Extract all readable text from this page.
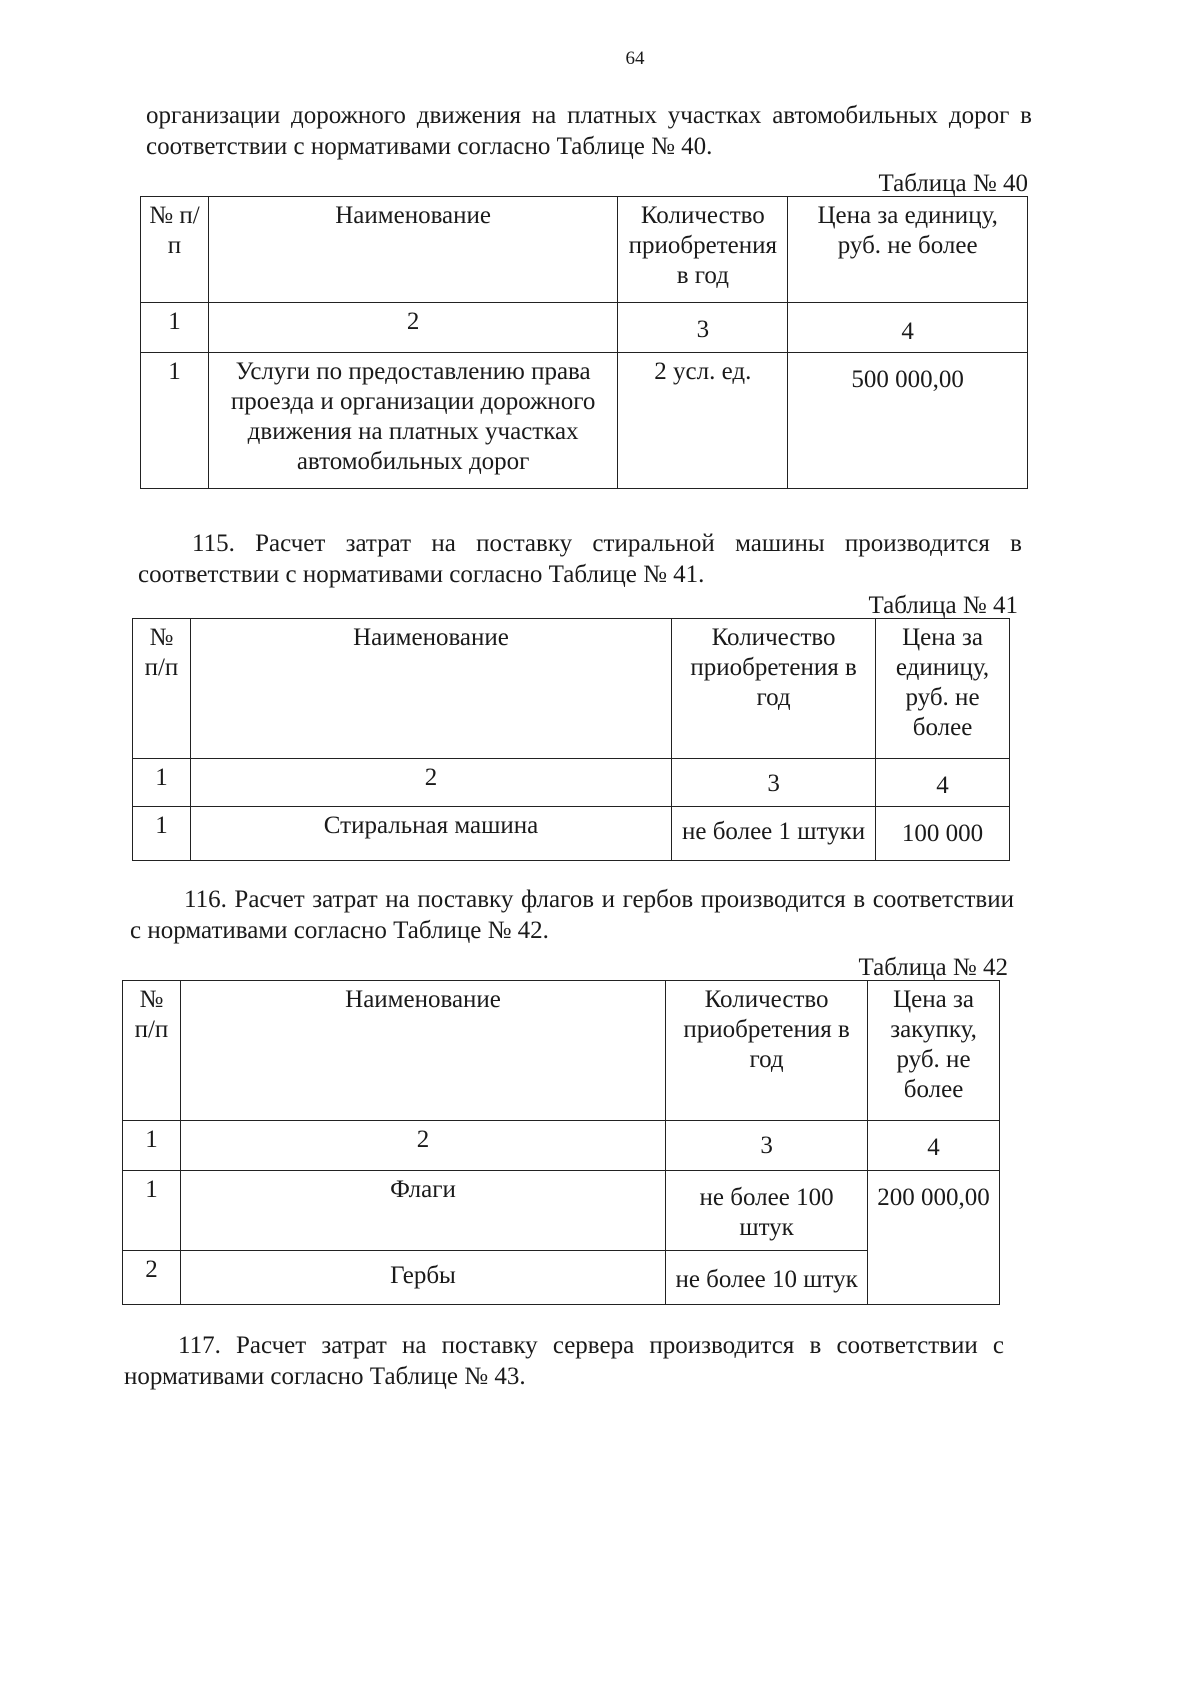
64

организации дорожного движения на платных участках автомобильных дорог в

соответствии с нормативами согласно Таблице № 40.

Таблица № 40
№ п/п	Наименование	Количество приобретения в год	Цена за единицу, руб. не более
1	2	3	4
1	Услуги по предоставлению права проезда и организации дорожного движения на платных участках автомобильных дорог	2 усл. ед.	500 000,00

115. Расчет затрат на поставку стиральной машины производится в соответствии с нормативами согласно Таблице № 41.

Таблица № 41
№ п/п	Наименование	Количество приобретения в год	Цена за единицу, руб. не более
1	2	3	4
1	Стиральная машина	не более 1 штуки	100 000

116. Расчет затрат на поставку флагов и гербов производится в соответствии с нормативами согласно Таблице № 42.

Таблица № 42
№ п/п	Наименование	Количество приобретения в год	Цена за закупку, руб. не более
1	2	3	4
1	Флаги	не более 100 штук	200 000,00
2	Гербы	не более 10 штук	

117. Расчет затрат на поставку сервера производится в соответствии с нормативами согласно Таблице № 43.
